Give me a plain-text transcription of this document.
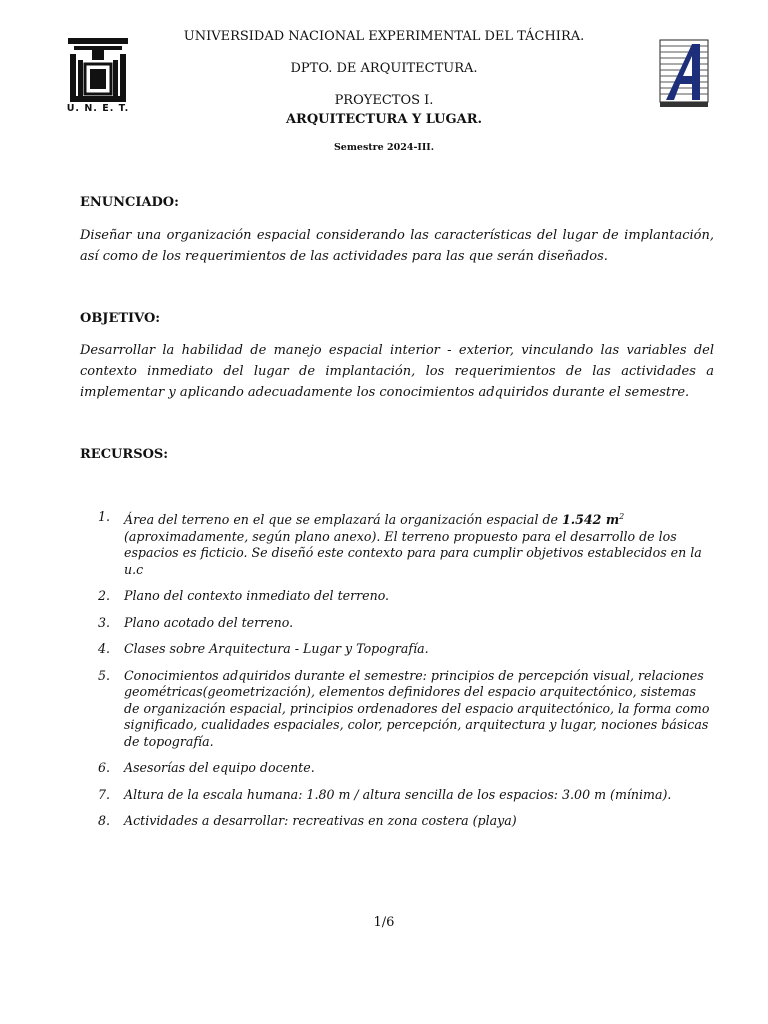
U. N. E. T.
UNIVERSIDAD NACIONAL EXPERIMENTAL DEL TÁCHIRA.
DPTO. DE ARQUITECTURA.
PROYECTOS I.
ARQUITECTURA Y LUGAR.
Semestre 2024-III.
ENUNCIADO:
Diseñar una organización espacial considerando las características del lugar de implantación, así como de los requerimientos de las actividades para las que serán diseñados.
OBJETIVO:
Desarrollar la habilidad de manejo espacial interior - exterior, vinculando las variables del contexto inmediato del lugar de implantación, los requerimientos de las actividades a implementar y aplicando adecuadamente los conocimientos adquiridos durante el semestre.
RECURSOS:
1. Área del terreno en el que se emplazará la organización espacial de 1.542 $m^2$ (aproximadamente, según plano anexo). El terreno propuesto para el desarrollo de los espacios es ficticio. Se diseñó este contexto para para cumplir objetivos establecidos en la u.c
2. Plano del contexto inmediato del terreno.
3. Plano acotado del terreno.
4. Clases sobre Arquitectura - Lugar y Topografía.
5. Conocimientos adquiridos durante el semestre: principios de percepción visual, relaciones geométricas(geometrización), elementos definidores del espacio arquitectónico, sistemas de organización espacial, principios ordenadores del espacio arquitectónico, la forma como significado, cualidades espaciales, color, percepción, arquitectura y lugar, nociones básicas de topografía.
6. Asesorías del equipo docente.
7. Altura de la escala humana: 1.80 m / altura sencilla de los espacios: 3.00 m (mínima).
8. Actividades a desarrollar: recreativas en zona costera (playa)
1/6
